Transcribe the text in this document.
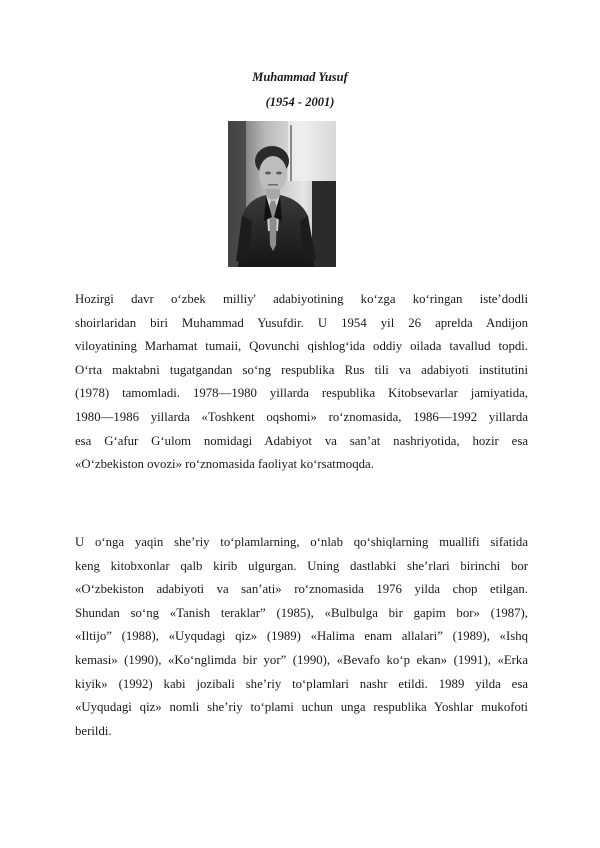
Muhammad Yusuf
(1954 - 2001)
Hozirgi davr o‘zbek milliy' adabiyotining ko‘zga ko‘ringan iste’dodli
shoirlaridan biri Muhammad Yusufdir. U 1954 yil 26 aprelda Andijon
viloyatining Marhamat tumaii, Qovunchi qishlog‘ida oddiy oilada tavallud topdi.
O‘rta maktabni tugatgandan so‘ng respublika Rus tili va adabiyoti institutini
(1978) tamomladi. 1978—1980 yillarda respublika Kitobsevarlar jamiyatida,
1980—1986 yillarda «Toshkent oqshomi» ro‘znomasida, 1986—1992 yillarda
esa G‘afur G‘ulom nomidagi Adabiyot va san’at nashriyotida, hozir esa
«O‘zbekiston ovozi» ro‘znomasida faoliyat ko‘rsatmoqda.
U o‘nga yaqin she’riy to‘plamlarning, o‘nlab qo‘shiqlarning muallifi sifatida
keng kitobxonlar qalb kirib ulgurgan. Uning dastlabki she’rlari birinchi bor
«O‘zbekiston adabiyoti va san’ati» ro‘znomasida 1976 yilda chop etilgan.
Shundan so‘ng «Tanish teraklar” (1985), «Bulbulga bir gapim bor» (1987),
«Iltijo” (1988), «Uyqudagi qiz» (1989) «Halima enam allalari” (1989), «Ishq
kemasi» (1990), «Ko‘nglimda bir yor” (1990), «Bevafo ko‘p ekan» (1991), «Erka
kiyik» (1992) kabi jozibali she’riy to‘plamlari nashr etildi. 1989 yilda esa
«Uyqudagi qiz» nomli she’riy to‘plami uchun unga respublika Yoshlar mukofoti
berildi.
